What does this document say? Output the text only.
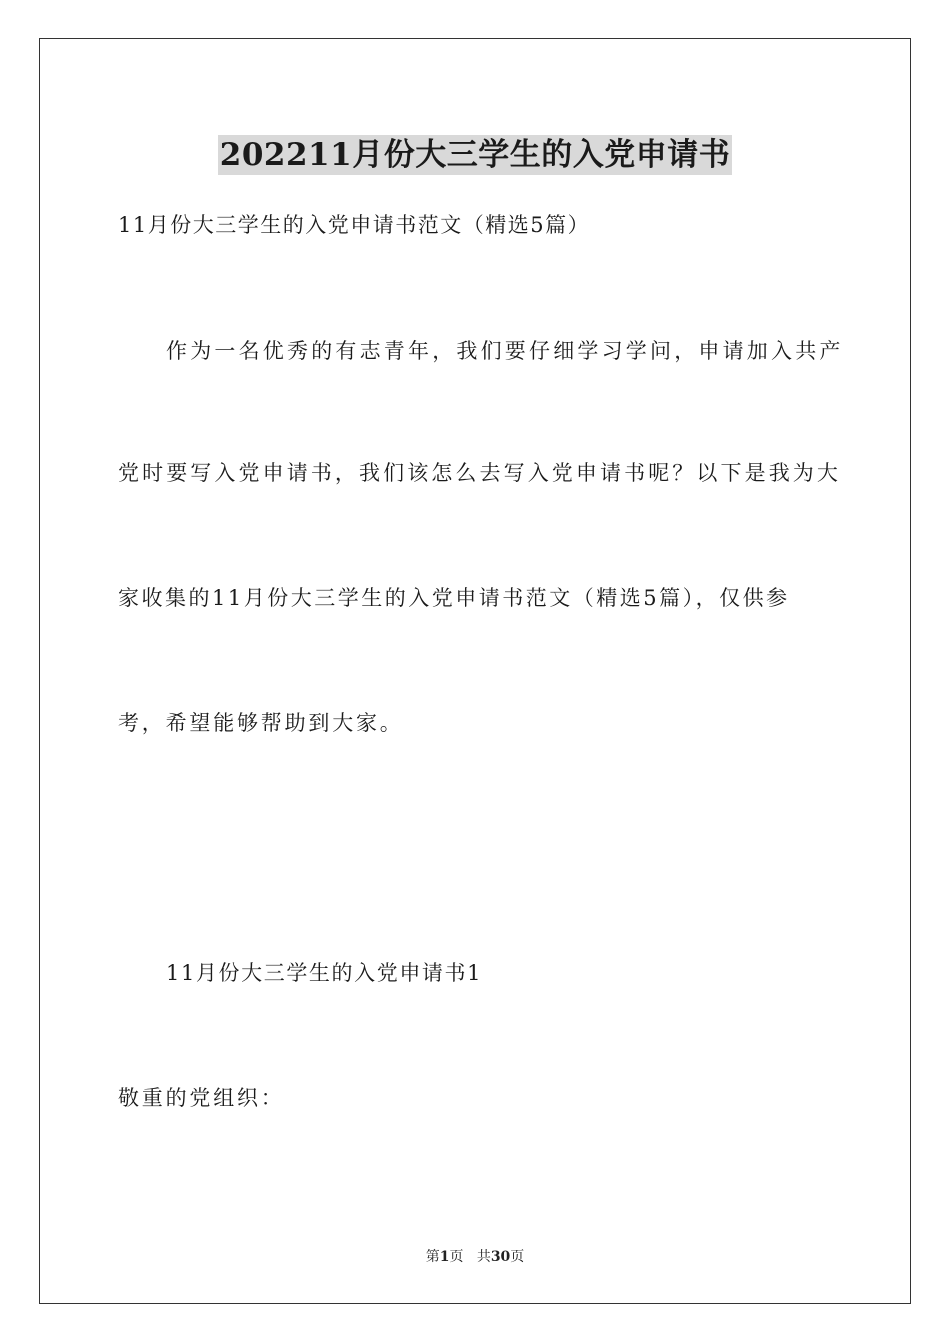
202211月份大三学生的入党申请书
11月份大三学生的入党申请书范文（精选5篇）
作为一名优秀的有志青年，我们要仔细学习学问，申请加入共产
党时要写入党申请书，我们该怎么去写入党申请书呢？以下是我为大
家收集的11月份大三学生的入党申请书范文（精选5篇），仅供参
考，希望能够帮助到大家。
11月份大三学生的入党申请书1
敬重的党组织：
第1页 共30页
